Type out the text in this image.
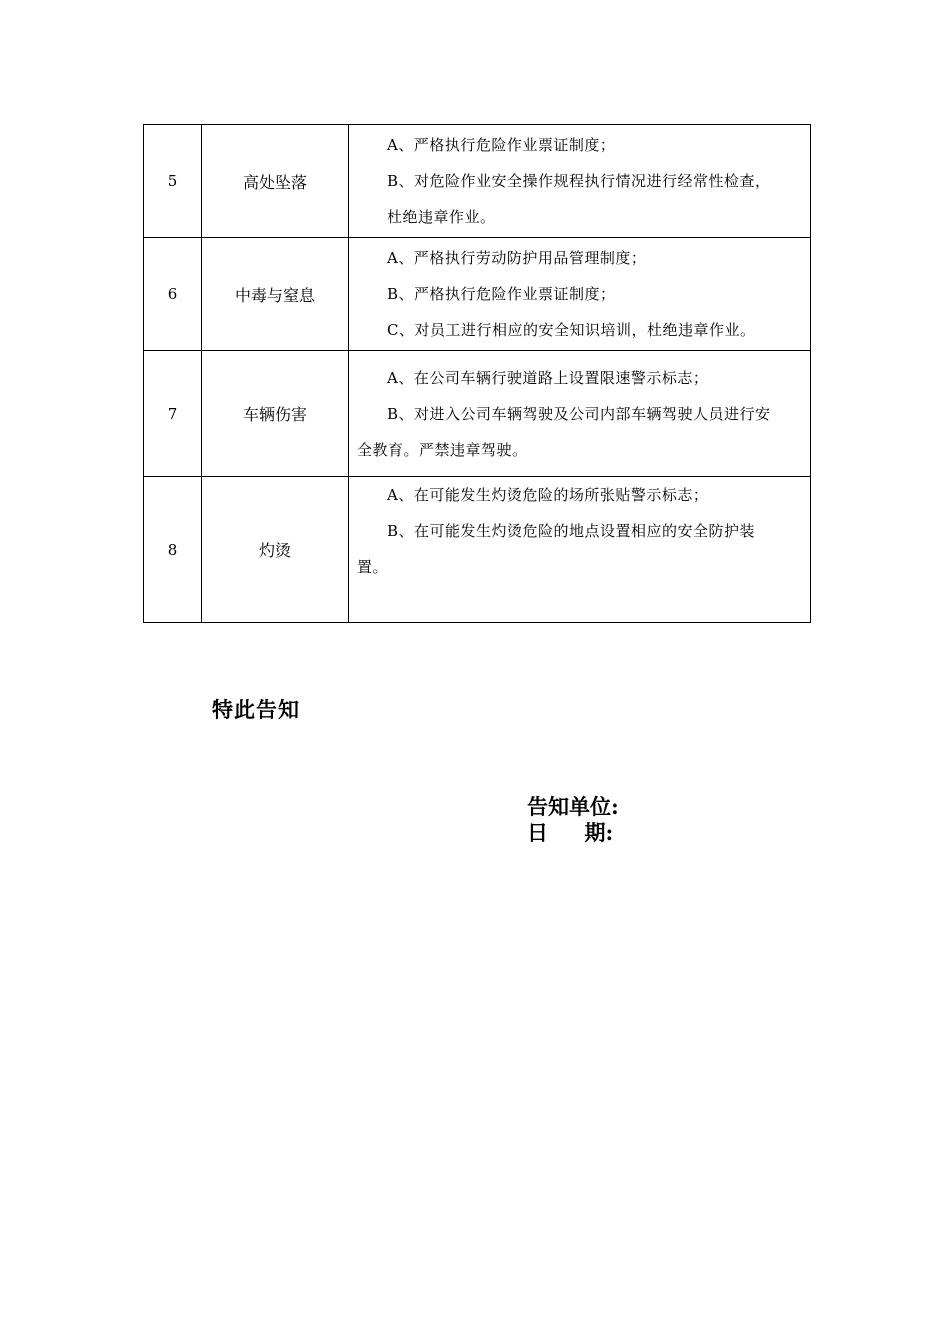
5	高处坠落	A、严格执行危险作业票证制度；
B、对危险作业安全操作规程执行情况进行经常性检查，
杜绝违章作业。

6	中毒与窒息	A、严格执行劳动防护用品管理制度；
B、严格执行危险作业票证制度；
C、对员工进行相应的安全知识培训，杜绝违章作业。

7	车辆伤害	A、在公司车辆行驶道路上设置限速警示标志；
B、对进入公司车辆驾驶及公司内部车辆驾驶人员进行安
全教育。严禁违章驾驶。

8	灼烫	A、在可能发生灼烫危险的场所张贴警示标志；
B、在可能发生灼烫危险的地点设置相应的安全防护装
置。
特此告知
告知单位:
日     期:
